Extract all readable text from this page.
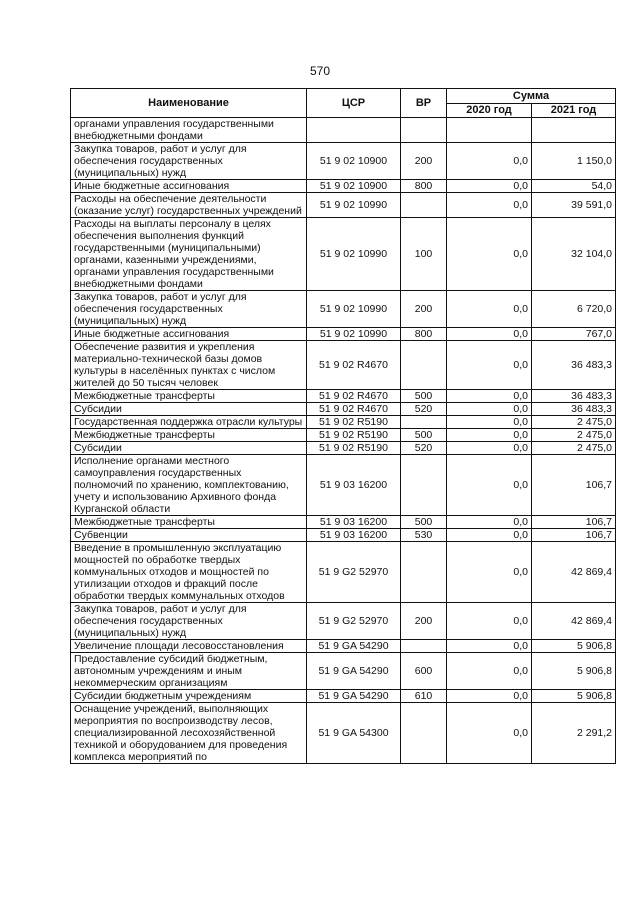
570
Наименование	ЦСР	ВР	Сумма	
			2020 год	2021 год
органами управления государственными внебюджетными фондами				
Закупка товаров, работ и услуг для обеспечения государственных (муниципальных) нужд	51 9 02 10900	200	0,0	1 150,0
Иные бюджетные ассигнования	51 9 02 10900	800	0,0	54,0
Расходы на обеспечение деятельности (оказание услуг) государственных учреждений	51 9 02 10990		0,0	39 591,0
Расходы на выплаты персоналу в целях обеспечения выполнения функций государственными (муниципальными) органами, казенными учреждениями, органами управления государственными внебюджетными фондами	51 9 02 10990	100	0,0	32 104,0
Закупка товаров, работ и услуг для обеспечения государственных (муниципальных) нужд	51 9 02 10990	200	0,0	6 720,0
Иные бюджетные ассигнования	51 9 02 10990	800	0,0	767,0
Обеспечение развития и укрепления материально-технической базы домов культуры в населённых пунктах с числом жителей до 50 тысяч человек	51 9 02 R4670		0,0	36 483,3
Межбюджетные трансферты	51 9 02 R4670	500	0,0	36 483,3
Субсидии	51 9 02 R4670	520	0,0	36 483,3
Государственная поддержка отрасли культуры	51 9 02 R5190		0,0	2 475,0
Межбюджетные трансферты	51 9 02 R5190	500	0,0	2 475,0
Субсидии	51 9 02 R5190	520	0,0	2 475,0
Исполнение органами местного самоуправления государственных полномочий по хранению, комплектованию, учету и использованию Архивного фонда Курганской области	51 9 03 16200		0,0	106,7
Межбюджетные трансферты	51 9 03 16200	500	0,0	106,7
Субвенции	51 9 03 16200	530	0,0	106,7
Введение в промышленную эксплуатацию мощностей по обработке твердых коммунальных отходов и мощностей по утилизации отходов и фракций после обработки твердых коммунальных отходов	51 9 G2 52970		0,0	42 869,4
Закупка товаров, работ и услуг для обеспечения государственных (муниципальных) нужд	51 9 G2 52970	200	0,0	42 869,4
Увеличение площади лесовосстановления	51 9 GA 54290		0,0	5 906,8
Предоставление субсидий бюджетным, автономным учреждениям и иным некоммерческим организациям	51 9 GA 54290	600	0,0	5 906,8
Субсидии бюджетным учреждениям	51 9 GA 54290	610	0,0	5 906,8
Оснащение учреждений, выполняющих мероприятия по воспроизводству лесов, специализированной лесохозяйственной техникой и оборудованием для проведения комплекса мероприятий по	51 9 GA 54300		0,0	2 291,2
